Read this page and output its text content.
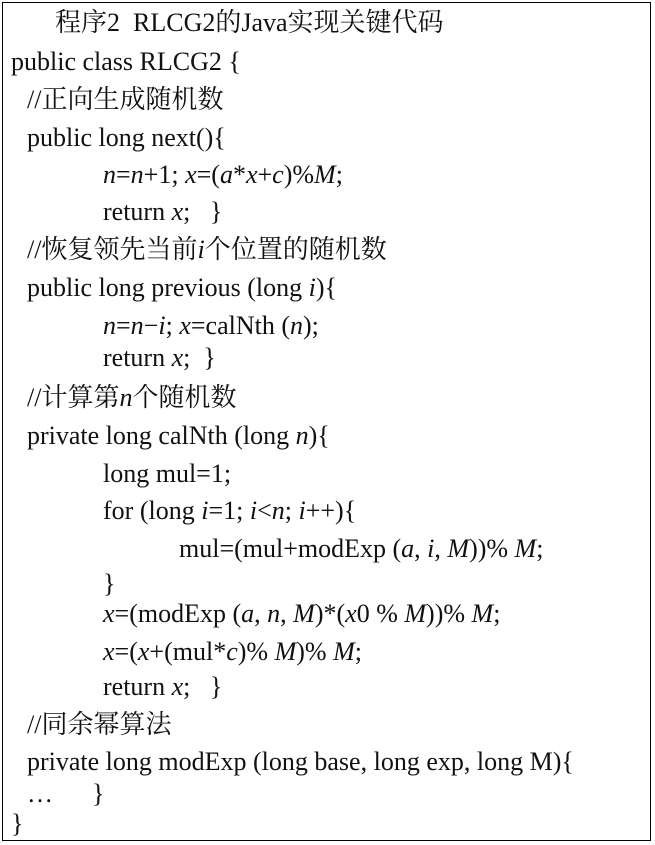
程序2  RLCG2的Java实现关键代码
public class RLCG2 {
//正向生成随机数
public long next(){
n=n+1; x=(a*x+c)%M;
return x;   }
//恢复领先当前i个位置的随机数
public long previous (long i){
n=n−i; x=calNth (n);
return x;  }
//计算第n个随机数
private long calNth (long n){
long mul=1;
for (long i=1; i<n; i++){
mul=(mul+modExp (a, i, M))% M;
}
x=(modExp (a, n, M)*(x0 % M))% M;
x=(x+(mul*c)% M)% M;
return x;   }
//同余幂算法
private long modExp (long base, long exp, long M){
…      }
}
